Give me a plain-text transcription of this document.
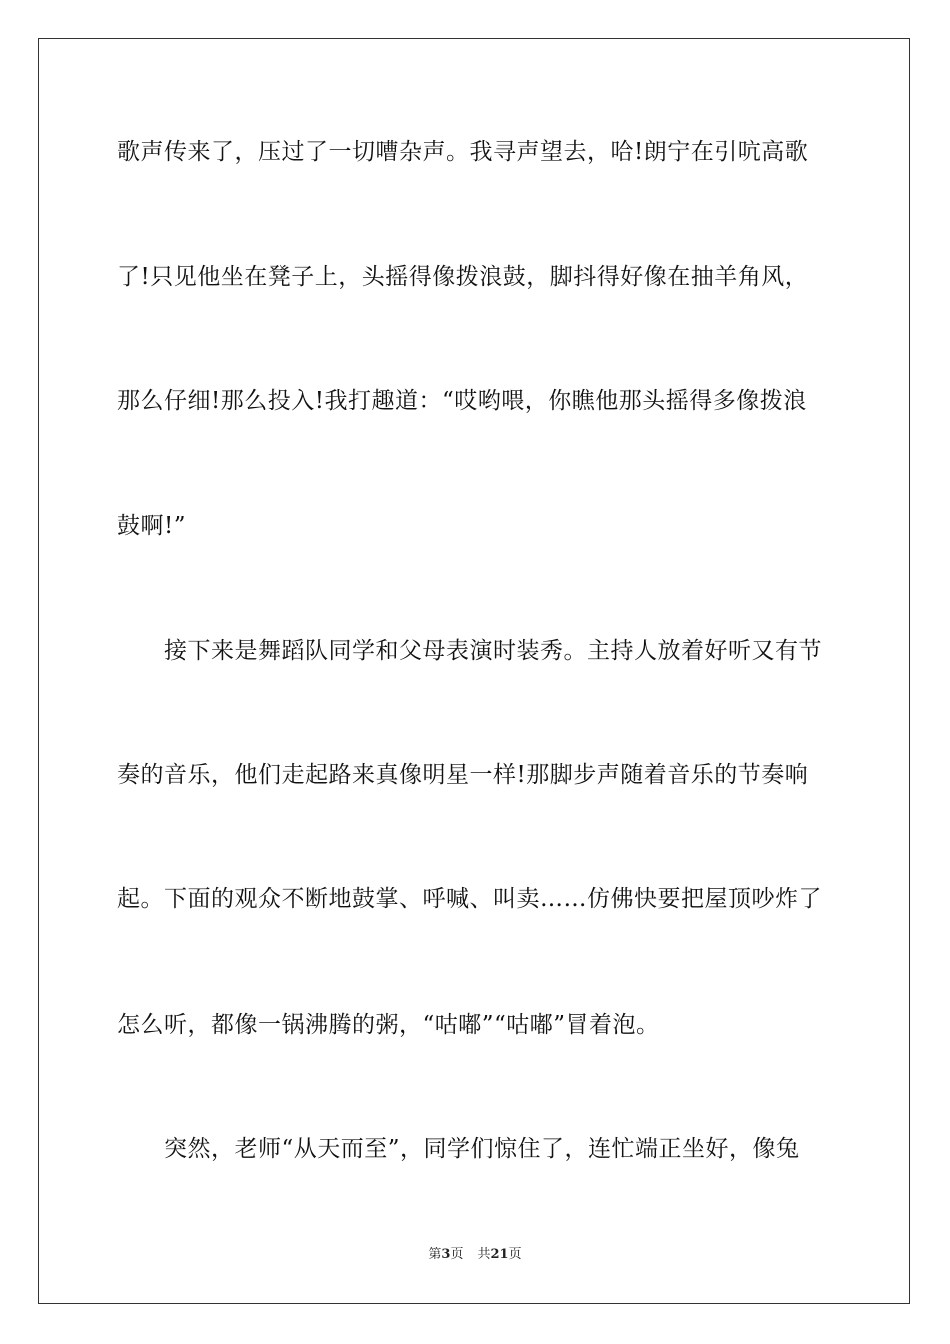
歌声传来了，压过了一切嘈杂声。我寻声望去，哈!朗宁在引吭高歌
了!只见他坐在凳子上，头摇得像拨浪鼓，脚抖得好像在抽羊角风，
那么仔细!那么投入!我打趣道：“哎哟喂，你瞧他那头摇得多像拨浪
鼓啊!”
接下来是舞蹈队同学和父母表演时装秀。主持人放着好听又有节
奏的音乐，他们走起路来真像明星一样!那脚步声随着音乐的节奏响
起。下面的观众不断地鼓掌、呼喊、叫卖……仿佛快要把屋顶吵炸了
怎么听，都像一锅沸腾的粥，“咕嘟”“咕嘟”冒着泡。
突然，老师“从天而至”，同学们惊住了，连忙端正坐好，像兔
第3页 共21页
